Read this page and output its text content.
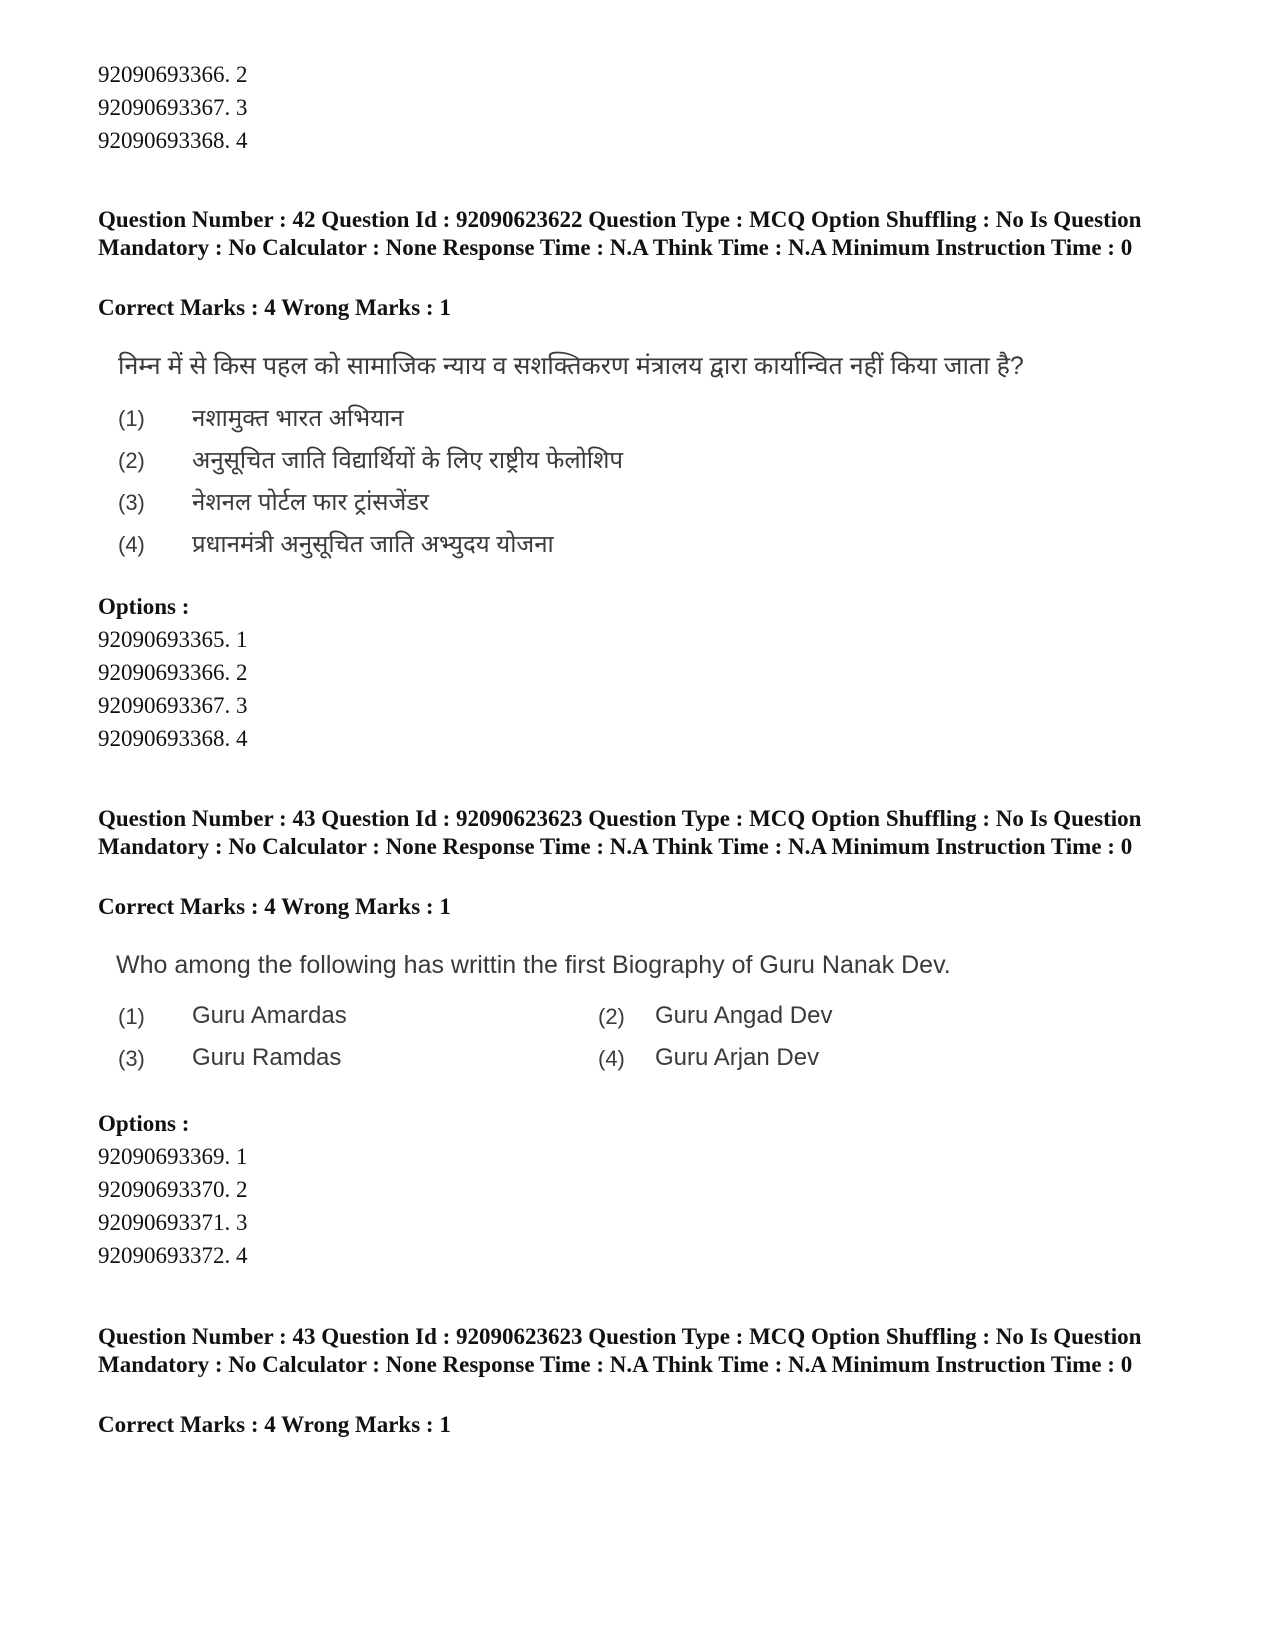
92090693366. 2
92090693367. 3
92090693368. 4
Question Number : 42 Question Id : 92090623622 Question Type : MCQ Option Shuffling : No Is Question Mandatory : No Calculator : None Response Time : N.A Think Time : N.A Minimum Instruction Time : 0
Correct Marks : 4 Wrong Marks : 1
निम्न में से किस पहल को सामाजिक न्याय व सशक्तिकरण मंत्रालय द्वारा कार्यान्वित नहीं किया जाता है?
(1) नशामुक्त भारत अभियान
(2) अनुसूचित जाति विद्यार्थियों के लिए राष्ट्रीय फेलोशिप
(3) नेशनल पोर्टल फार ट्रांसजेंडर
(4) प्रधानमंत्री अनुसूचित जाति अभ्युदय योजना
Options :
92090693365. 1
92090693366. 2
92090693367. 3
92090693368. 4
Question Number : 43 Question Id : 92090623623 Question Type : MCQ Option Shuffling : No Is Question Mandatory : No Calculator : None Response Time : N.A Think Time : N.A Minimum Instruction Time : 0
Correct Marks : 4 Wrong Marks : 1
Who among the following has writtin the first Biography of Guru Nanak Dev.
(1) Guru Amardas	(2) Guru Angad Dev
(3) Guru Ramdas	(4) Guru Arjan Dev
Options :
92090693369. 1
92090693370. 2
92090693371. 3
92090693372. 4
Question Number : 43 Question Id : 92090623623 Question Type : MCQ Option Shuffling : No Is Question Mandatory : No Calculator : None Response Time : N.A Think Time : N.A Minimum Instruction Time : 0
Correct Marks : 4 Wrong Marks : 1
